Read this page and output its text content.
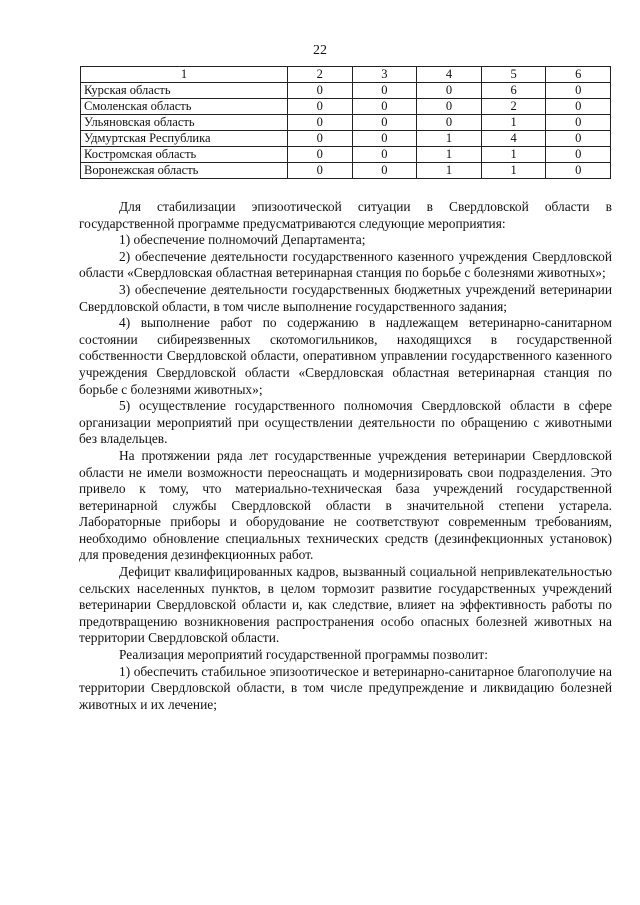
22
1	2	3	4	5	6
Курская область	0	0	0	6	0
Смоленская область	0	0	0	2	0
Ульяновская область	0	0	0	1	0
Удмуртская Республика	0	0	1	4	0
Костромская область	0	0	1	1	0
Воронежская область	0	0	1	1	0

Для стабилизации эпизоотической ситуации в Свердловской области в государственной программе предусматриваются следующие мероприятия:

1) обеспечение полномочий Департамента;

2) обеспечение деятельности государственного казенного учреждения Свердловской области «Свердловская областная ветеринарная станция по борьбе с болезнями животных»;

3) обеспечение деятельности государственных бюджетных учреждений ветеринарии Свердловской области, в том числе выполнение государственного задания;

4) выполнение работ по содержанию в надлежащем ветеринарно-санитарном состоянии сибиреязвенных скотомогильников, находящихся в государственной собственности Свердловской области, оперативном управлении государственного казенного учреждения Свердловской области «Свердловская областная ветеринарная станция по борьбе с болезнями животных»;

5) осуществление государственного полномочия Свердловской области в сфере организации мероприятий при осуществлении деятельности по обращению с животными без владельцев.

На протяжении ряда лет государственные учреждения ветеринарии Свердловской области не имели возможности переоснащать и модернизировать свои подразделения. Это привело к тому, что материально-техническая база учреждений государственной ветеринарной службы Свердловской области в значительной степени устарела. Лабораторные приборы и оборудование не соответствуют современным требованиям, необходимо обновление специальных технических средств (дезинфекционных установок) для проведения дезинфекционных работ.

Дефицит квалифицированных кадров, вызванный социальной непривлекательностью сельских населенных пунктов, в целом тормозит развитие государственных учреждений ветеринарии Свердловской области и, как следствие, влияет на эффективность работы по предотвращению возникновения распространения особо опасных болезней животных на территории Свердловской области.

Реализация мероприятий государственной программы позволит:

1) обеспечить стабильное эпизоотическое и ветеринарно-санитарное благополучие на территории Свердловской области, в том числе предупреждение и ликвидацию болезней животных и их лечение;
